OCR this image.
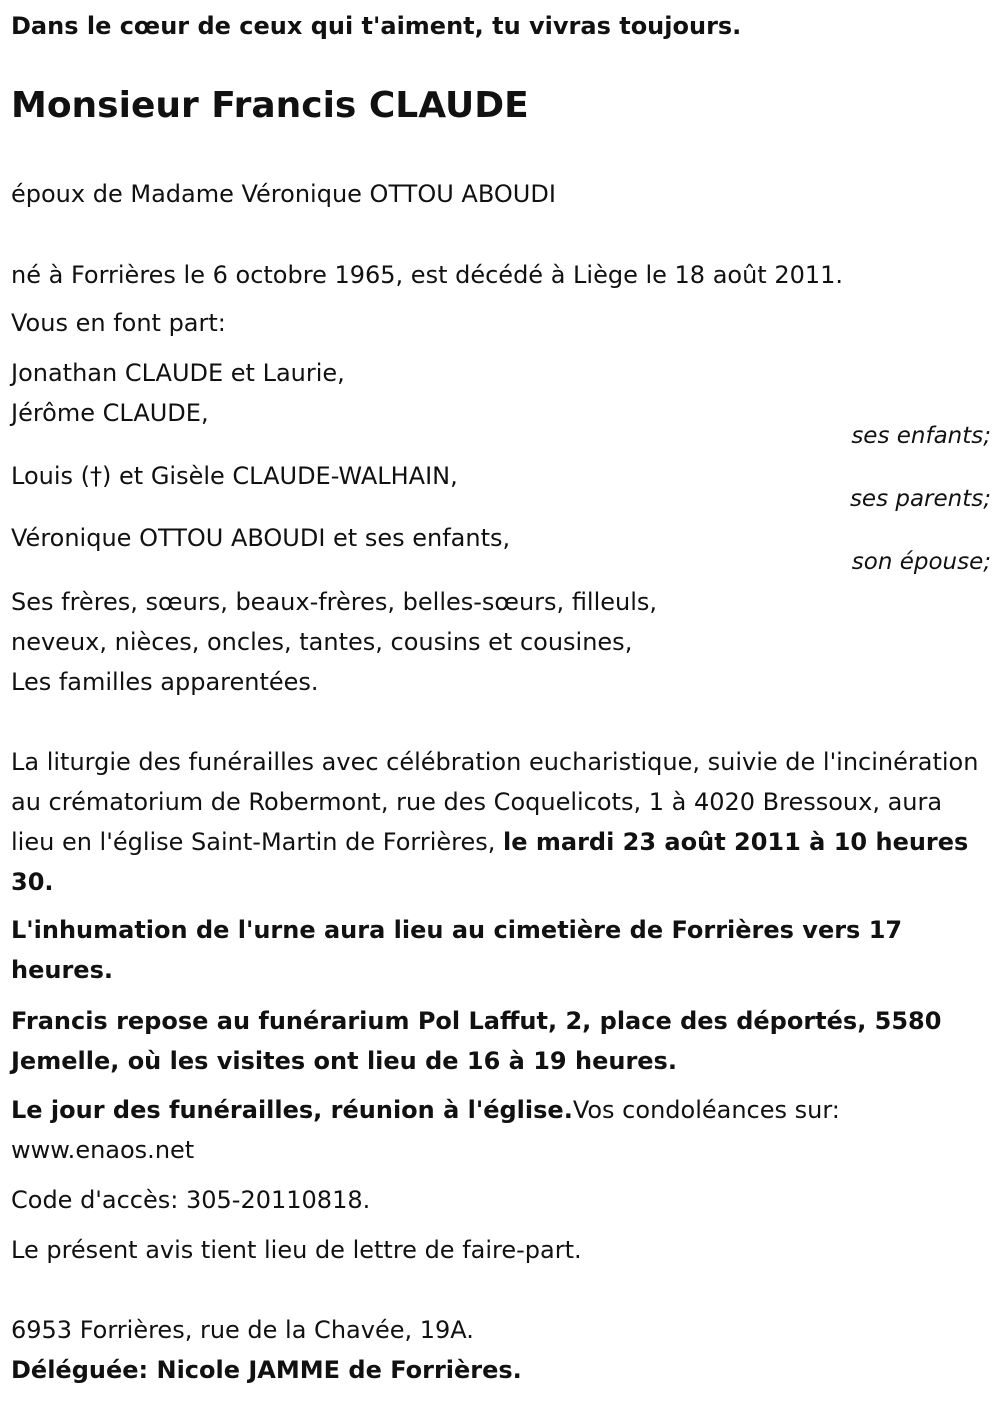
Dans le cœur de ceux qui t'aiment, tu vivras toujours.
Monsieur Francis CLAUDE
époux de Madame Véronique OTTOU ABOUDI
né à Forrières le 6 octobre 1965, est décédé à Liège le 18 août 2011.
Vous en font part:
Jonathan CLAUDE et Laurie,
Jérôme CLAUDE,
ses enfants;
Louis (†) et Gisèle CLAUDE-WALHAIN,
ses parents;
Véronique OTTOU ABOUDI et ses enfants,
son épouse;
Ses frères, sœurs, beaux-frères, belles-sœurs, filleuls,
neveux, nièces, oncles, tantes, cousins et cousines,
Les familles apparentées.
La liturgie des funérailles avec célébration eucharistique, suivie de l'incinération au crématorium de Robermont, rue des Coquelicots, 1 à 4020 Bressoux, aura lieu en l'église Saint-Martin de Forrières, le mardi 23 août 2011 à 10 heures 30.
L'inhumation de l'urne aura lieu au cimetière de Forrières vers 17 heures.
Francis repose au funérarium Pol Laffut, 2, place des déportés, 5580 Jemelle, où les visites ont lieu de 16 à 19 heures.
Le jour des funérailles, réunion à l'église.Vos condoléances sur: www.enaos.net
Code d'accès: 305-20110818.
Le présent avis tient lieu de lettre de faire-part.
6953 Forrières, rue de la Chavée, 19A.
Déléguée: Nicole JAMME de Forrières.
